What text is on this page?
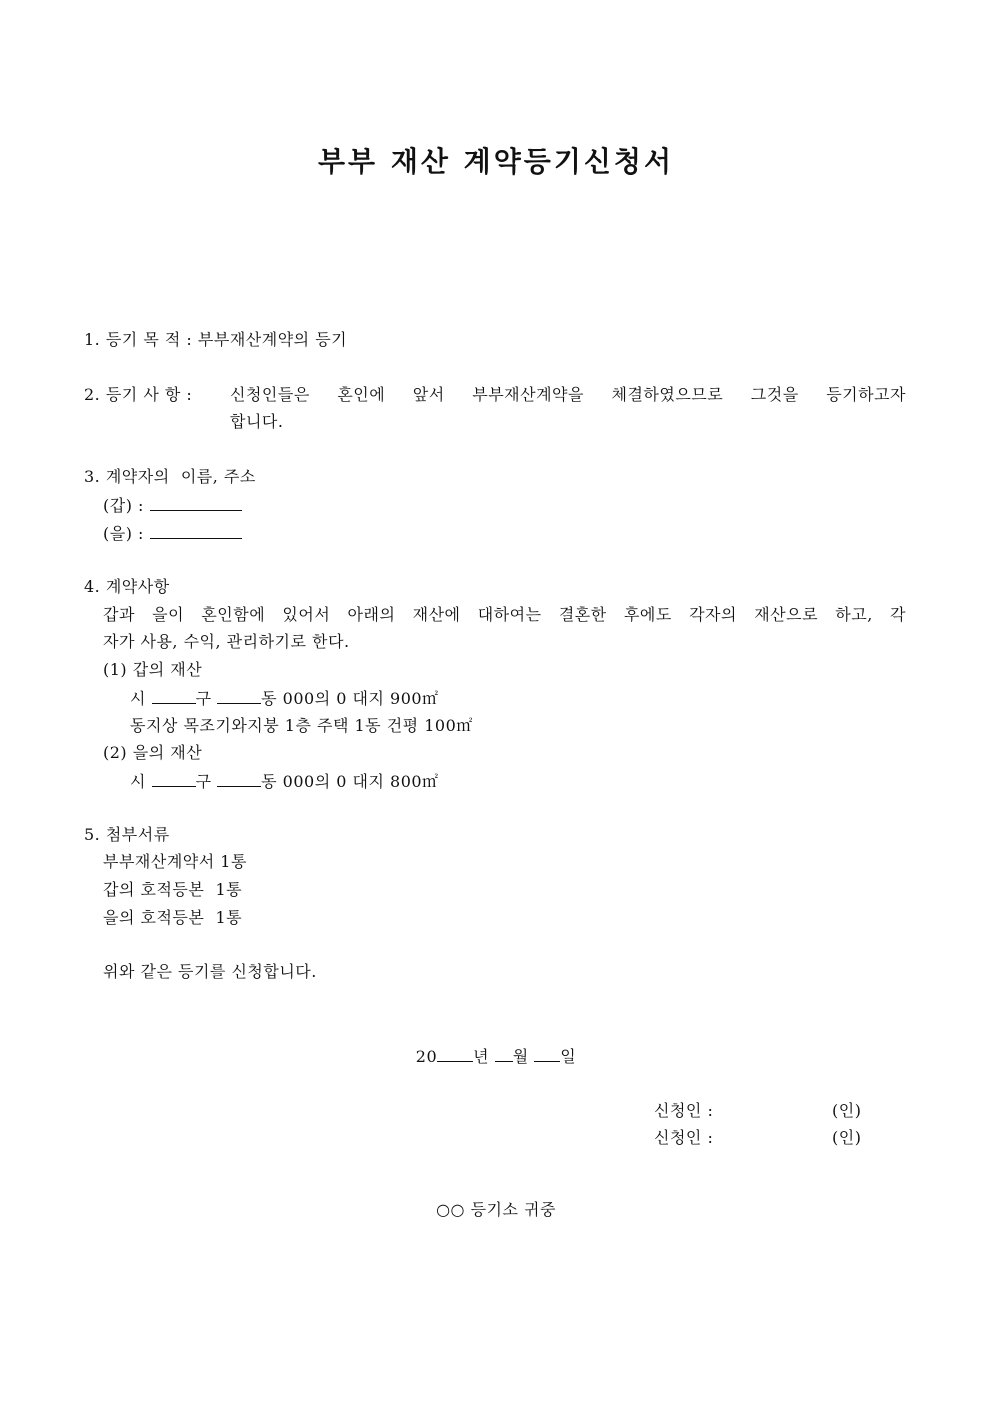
부부 재산 계약등기신청서
1. 등기 목 적 : 부부재산계약의 등기
2. 등기 사 항 : 신청인들은 혼인에 앞서 부부재산계약을 체결하였으므로 그것을 등기하고자
합니다.
3. 계약자의  이름, 주소
(갑) :
(을) :
4. 계약사항
갑과 을이 혼인함에 있어서 아래의 재산에 대하여는 결혼한 후에도 각자의 재산으로 하고, 각
자가 사용, 수익, 관리하기로 한다.
(1) 갑의 재산
시	구	동 000의 0 대지 900㎡
동지상 목조기와지붕 1층 주택 1동 건평 100㎡
(2) 을의 재산
시	구	동 000의 0 대지 800㎡
5. 첨부서류
부부재산계약서 1통
갑의 호적등본  1통
을의 호적등본  1통
위와 같은 등기를 신청합니다.
20 년 월 일
신청인 :	(인)
신청인 :	(인)
○○ 등기소 귀중
